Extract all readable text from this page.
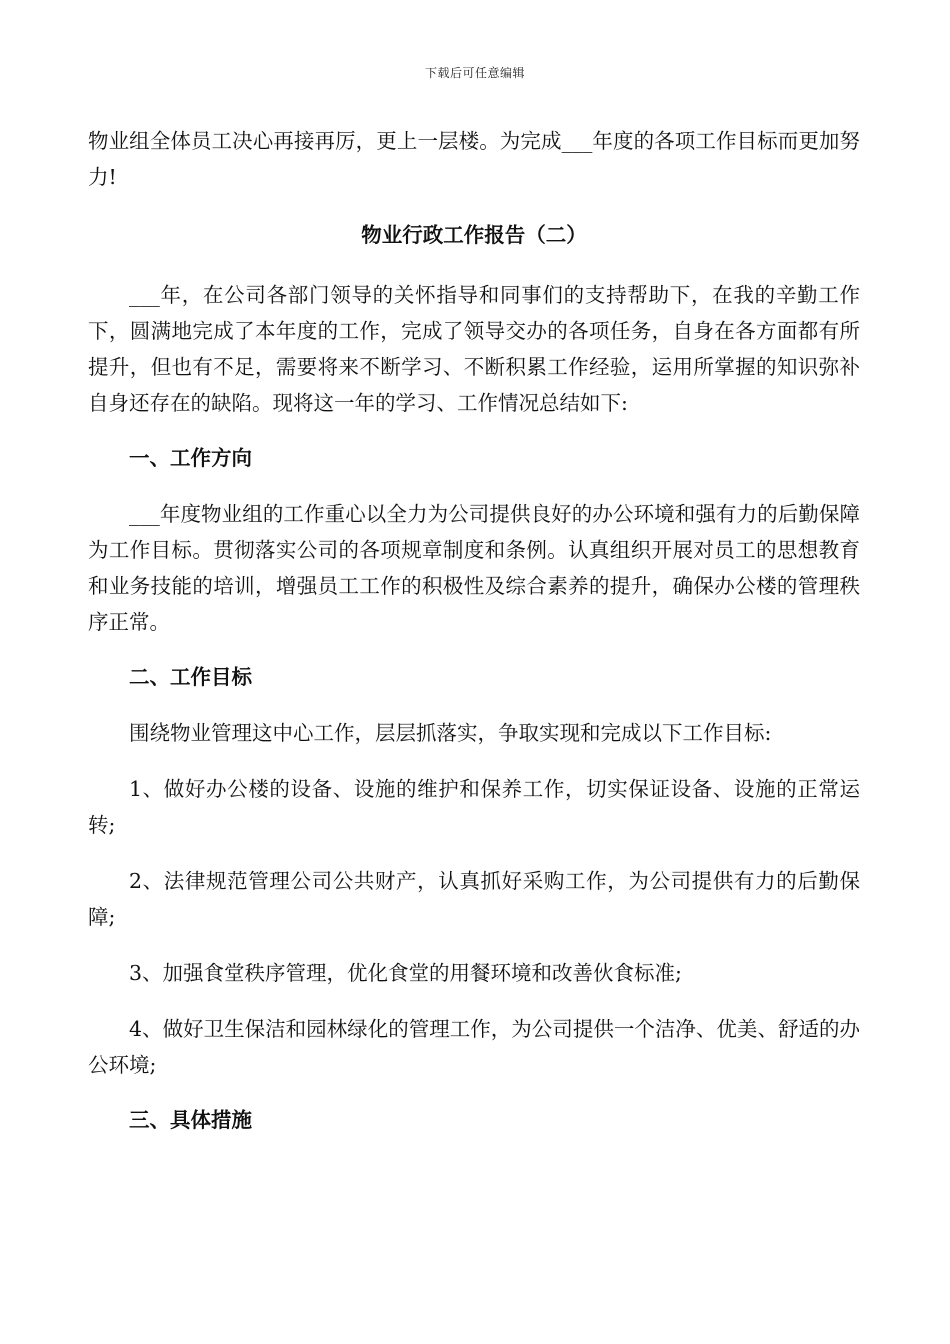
下载后可任意编辑

物业组全体员工决心再接再厉，更上一层楼。为完成___年度的各项工作目标而更加努力!

物业行政工作报告（二）

___年，在公司各部门领导的关怀指导和同事们的支持帮助下，在我的辛勤工作下，圆满地完成了本年度的工作，完成了领导交办的各项任务，自身在各方面都有所提升，但也有不足，需要将来不断学习、不断积累工作经验，运用所掌握的知识弥补自身还存在的缺陷。现将这一年的学习、工作情况总结如下:

一、工作方向

___年度物业组的工作重心以全力为公司提供良好的办公环境和强有力的后勤保障为工作目标。贯彻落实公司的各项规章制度和条例。认真组织开展对员工的思想教育和业务技能的培训，增强员工工作的积极性及综合素养的提升，确保办公楼的管理秩序正常。

二、工作目标

围绕物业管理这中心工作，层层抓落实，争取实现和完成以下工作目标:

1、做好办公楼的设备、设施的维护和保养工作，切实保证设备、设施的正常运转;

2、法律规范管理公司公共财产，认真抓好采购工作，为公司提供有力的后勤保障;

3、加强食堂秩序管理，优化食堂的用餐环境和改善伙食标准;

4、做好卫生保洁和园林绿化的管理工作，为公司提供一个洁净、优美、舒适的办公环境;

三、具体措施
